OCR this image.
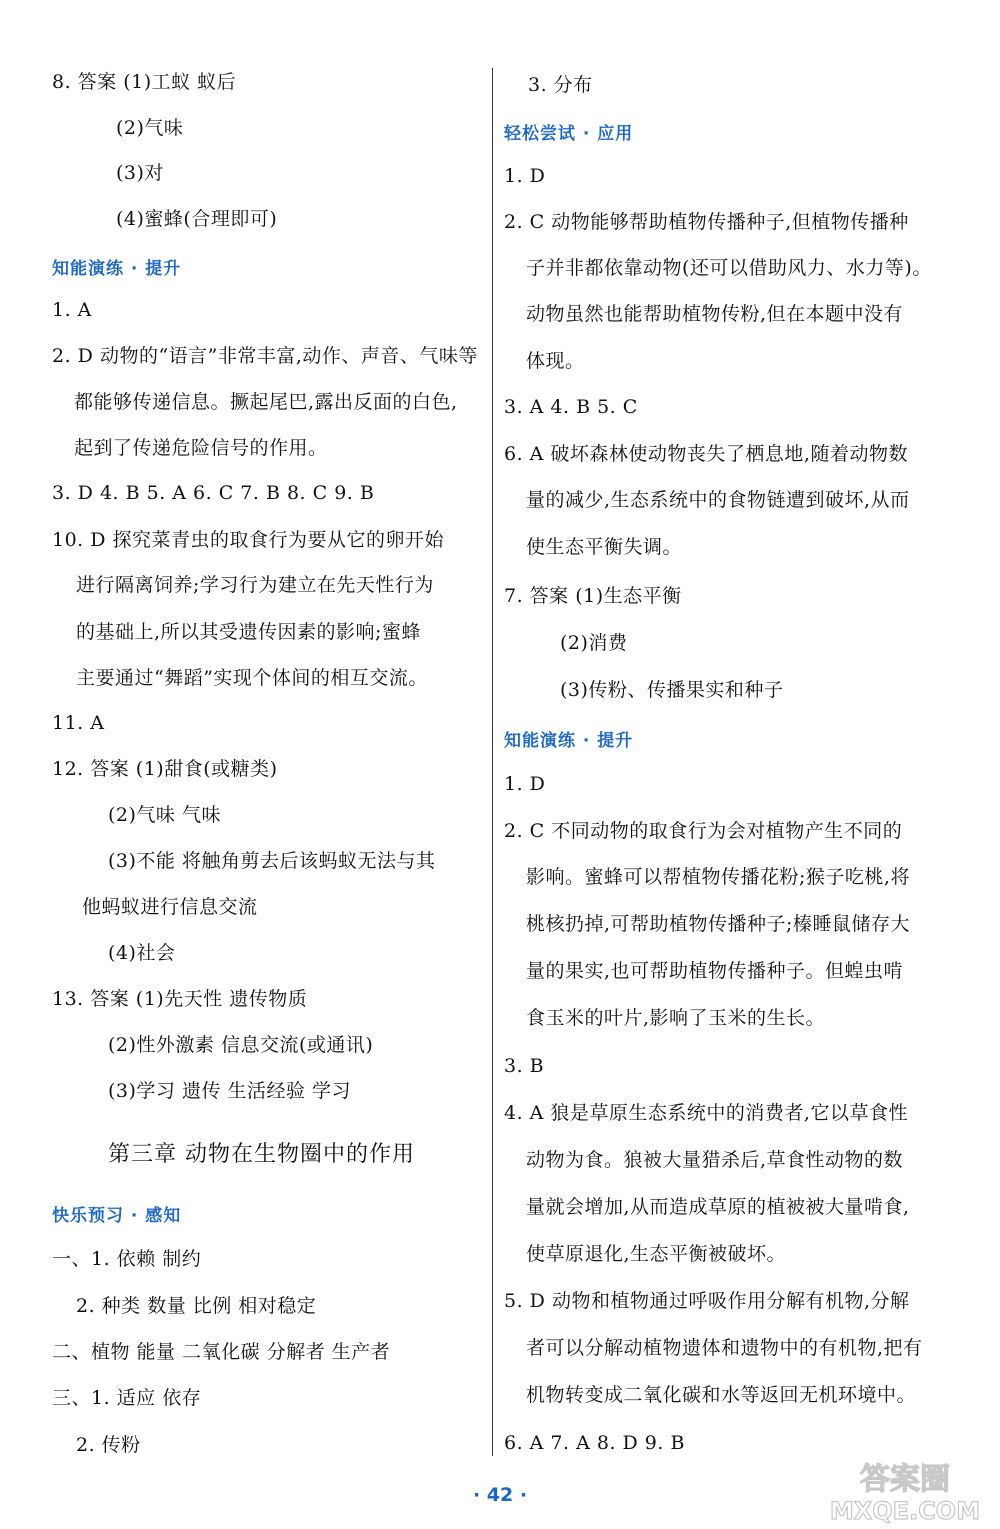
8. 答案 (1)工蚁 蚁后
(2)气味
(3)对
(4)蜜蜂(合理即可)
知能演练 · 提升
1. A
2. D 动物的“语言”非常丰富,动作、声音、气味等
都能够传递信息。撅起尾巴,露出反面的白色,
起到了传递危险信号的作用。
3. D 4. B 5. A 6. C 7. B 8. C 9. B
10. D 探究菜青虫的取食行为要从它的卵开始
进行隔离饲养;学习行为建立在先天性行为
的基础上,所以其受遗传因素的影响;蜜蜂
主要通过“舞蹈”实现个体间的相互交流。
11. A
12. 答案 (1)甜食(或糖类)
(2)气味 气味
(3)不能 将触角剪去后该蚂蚁无法与其
他蚂蚁进行信息交流
(4)社会
13. 答案 (1)先天性 遗传物质
(2)性外激素 信息交流(或通讯)
(3)学习 遗传 生活经验 学习
第三章 动物在生物圈中的作用
快乐预习 · 感知
一、1. 依赖 制约
2. 种类 数量 比例 相对稳定
二、植物 能量 二氧化碳 分解者 生产者
三、1. 适应 依存
2. 传粉
3. 分布
轻松尝试 · 应用
1. D
2. C 动物能够帮助植物传播种子,但植物传播种
子并非都依靠动物(还可以借助风力、水力等)。
动物虽然也能帮助植物传粉,但在本题中没有
体现。
3. A 4. B 5. C
6. A 破坏森林使动物丧失了栖息地,随着动物数
量的减少,生态系统中的食物链遭到破坏,从而
使生态平衡失调。
7. 答案 (1)生态平衡
(2)消费
(3)传粉、传播果实和种子
知能演练 · 提升
1. D
2. C 不同动物的取食行为会对植物产生不同的
影响。蜜蜂可以帮植物传播花粉;猴子吃桃,将
桃核扔掉,可帮助植物传播种子;榛睡鼠储存大
量的果实,也可帮助植物传播种子。但蝗虫啃
食玉米的叶片,影响了玉米的生长。
3. B
4. A 狼是草原生态系统中的消费者,它以草食性
动物为食。狼被大量猎杀后,草食性动物的数
量就会增加,从而造成草原的植被被大量啃食,
使草原退化,生态平衡被破坏。
5. D 动物和植物通过呼吸作用分解有机物,分解
者可以分解动植物遗体和遗物中的有机物,把有
机物转变成二氧化碳和水等返回无机环境中。
6. A 7. A 8. D 9. B
· 42 ·	答案圈
MXQE.COM
